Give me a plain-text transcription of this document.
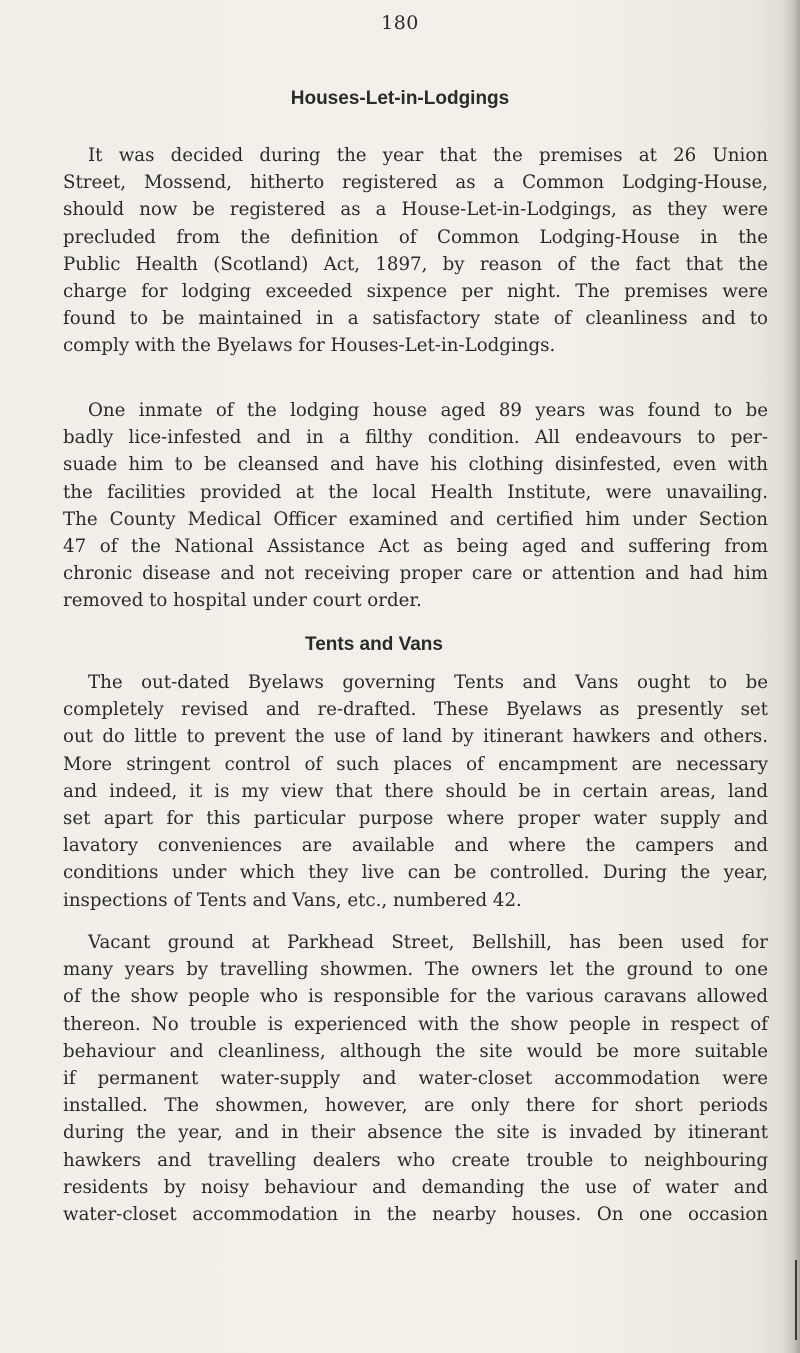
180
Houses-Let-in-Lodgings
It was decided during the year that the premises at 26 Union
Street, Mossend, hitherto registered as a Common Lodging-House,
should now be registered as a House-Let-in-Lodgings, as they were
precluded from the definition of Common Lodging-House in the
Public Health (Scotland) Act, 1897, by reason of the fact that the
charge for lodging exceeded sixpence per night. The premises were
found to be maintained in a satisfactory state of cleanliness and to
comply with the Byelaws for Houses-Let-in-Lodgings.
One inmate of the lodging house aged 89 years was found to be
badly lice-infested and in a filthy condition. All endeavours to per-
suade him to be cleansed and have his clothing disinfested, even with
the facilities provided at the local Health Institute, were unavailing.
The County Medical Officer examined and certified him under Section
47 of the National Assistance Act as being aged and suffering from
chronic disease and not receiving proper care or attention and had him
removed to hospital under court order.
Tents and Vans
The out-dated Byelaws governing Tents and Vans ought to be
completely revised and re-drafted. These Byelaws as presently set
out do little to prevent the use of land by itinerant hawkers and others.
More stringent control of such places of encampment are necessary
and indeed, it is my view that there should be in certain areas, land
set apart for this particular purpose where proper water supply and
lavatory conveniences are available and where the campers and
conditions under which they live can be controlled. During the year,
inspections of Tents and Vans, etc., numbered 42.
Vacant ground at Parkhead Street, Bellshill, has been used for
many years by travelling showmen. The owners let the ground to one
of the show people who is responsible for the various caravans allowed
thereon. No trouble is experienced with the show people in respect of
behaviour and cleanliness, although the site would be more suitable
if permanent water-supply and water-closet accommodation were
installed. The showmen, however, are only there for short periods
during the year, and in their absence the site is invaded by itinerant
hawkers and travelling dealers who create trouble to neighbouring
residents by noisy behaviour and demanding the use of water and
water-closet accommodation in the nearby houses. On one occasion
